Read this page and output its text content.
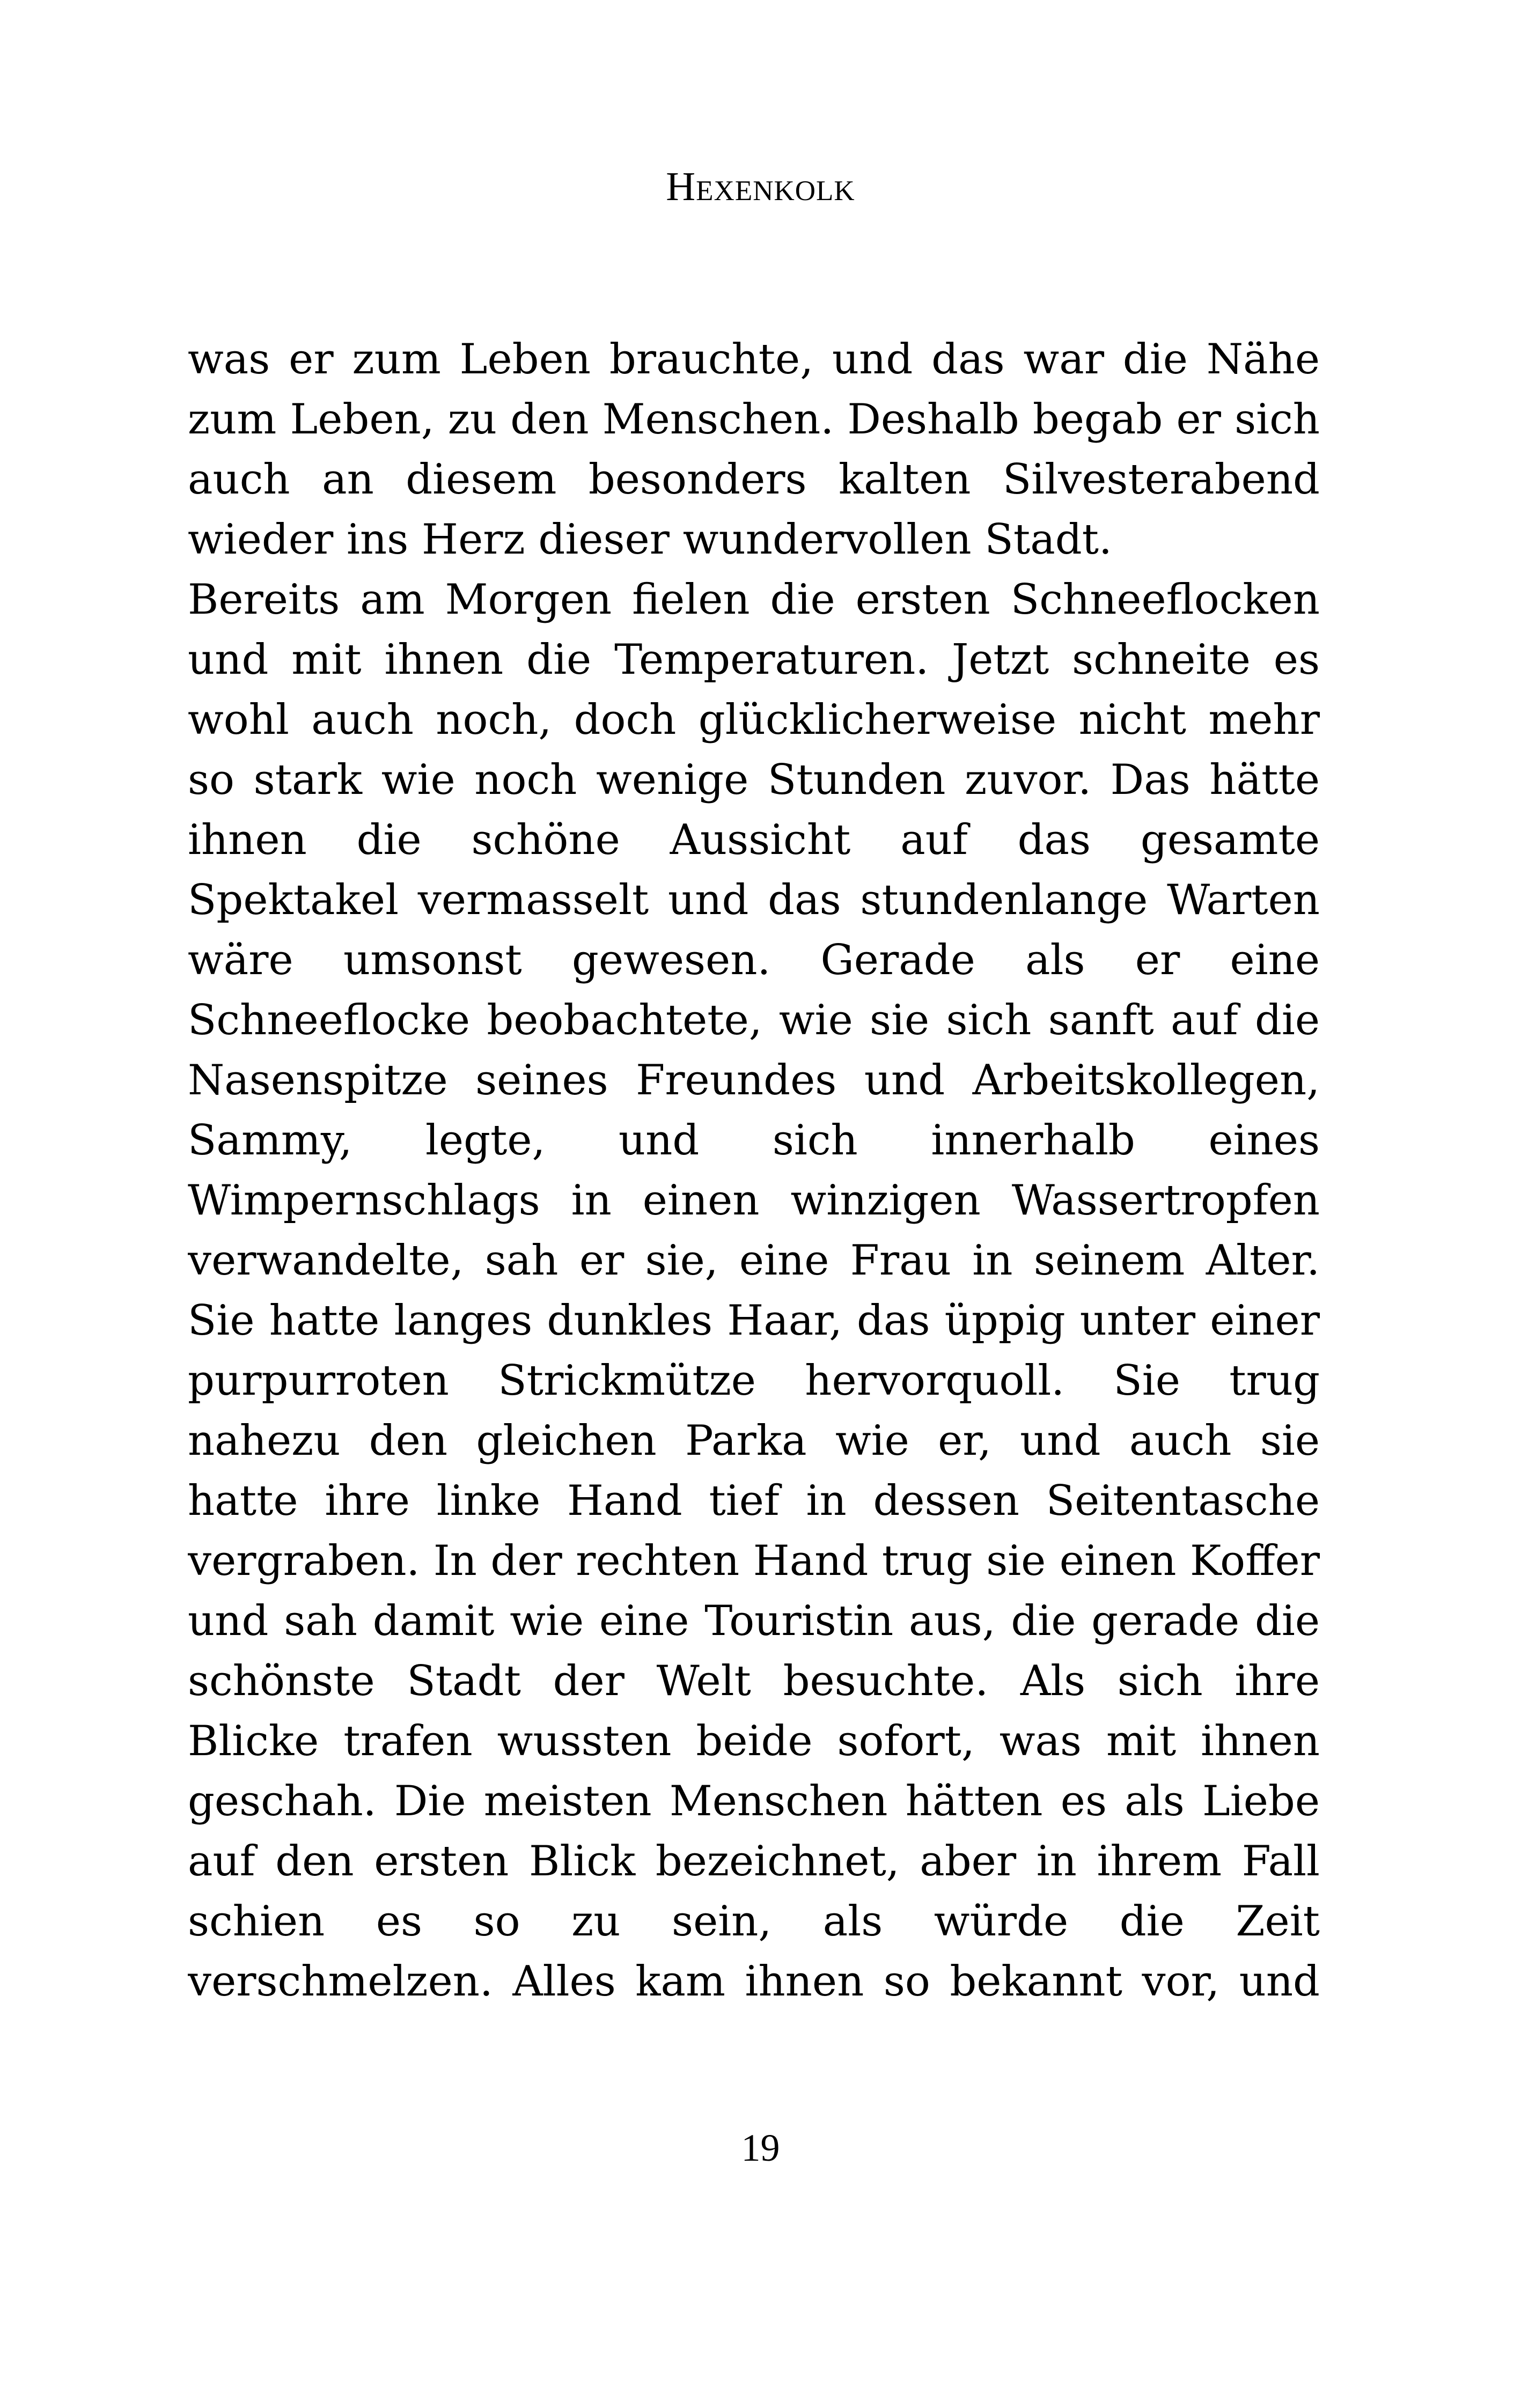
Hexenkolk
was er zum Leben brauchte, und das war die Nähe
zum Leben, zu den Menschen. Deshalb begab er sich
auch an diesem besonders kalten Silvesterabend
wieder ins Herz dieser wundervollen Stadt.
Bereits am Morgen fielen die ersten Schneeflocken
und mit ihnen die Temperaturen. Jetzt schneite es
wohl auch noch, doch glücklicherweise nicht mehr
so stark wie noch wenige Stunden zuvor. Das hätte
ihnen die schöne Aussicht auf das gesamte
Spektakel vermasselt und das stundenlange Warten
wäre umsonst gewesen. Gerade als er eine
Schneeflocke beobachtete, wie sie sich sanft auf die
Nasenspitze seines Freundes und Arbeitskollegen,
Sammy, legte, und sich innerhalb eines
Wimpernschlags in einen winzigen Wassertropfen
verwandelte, sah er sie, eine Frau in seinem Alter.
Sie hatte langes dunkles Haar, das üppig unter einer
purpurroten Strickmütze hervorquoll. Sie trug
nahezu den gleichen Parka wie er, und auch sie
hatte ihre linke Hand tief in dessen Seitentasche
vergraben. In der rechten Hand trug sie einen Koffer
und sah damit wie eine Touristin aus, die gerade die
schönste Stadt der Welt besuchte. Als sich ihre
Blicke trafen wussten beide sofort, was mit ihnen
geschah. Die meisten Menschen hätten es als Liebe
auf den ersten Blick bezeichnet, aber in ihrem Fall
schien es so zu sein, als würde die Zeit
verschmelzen. Alles kam ihnen so bekannt vor, und
19
